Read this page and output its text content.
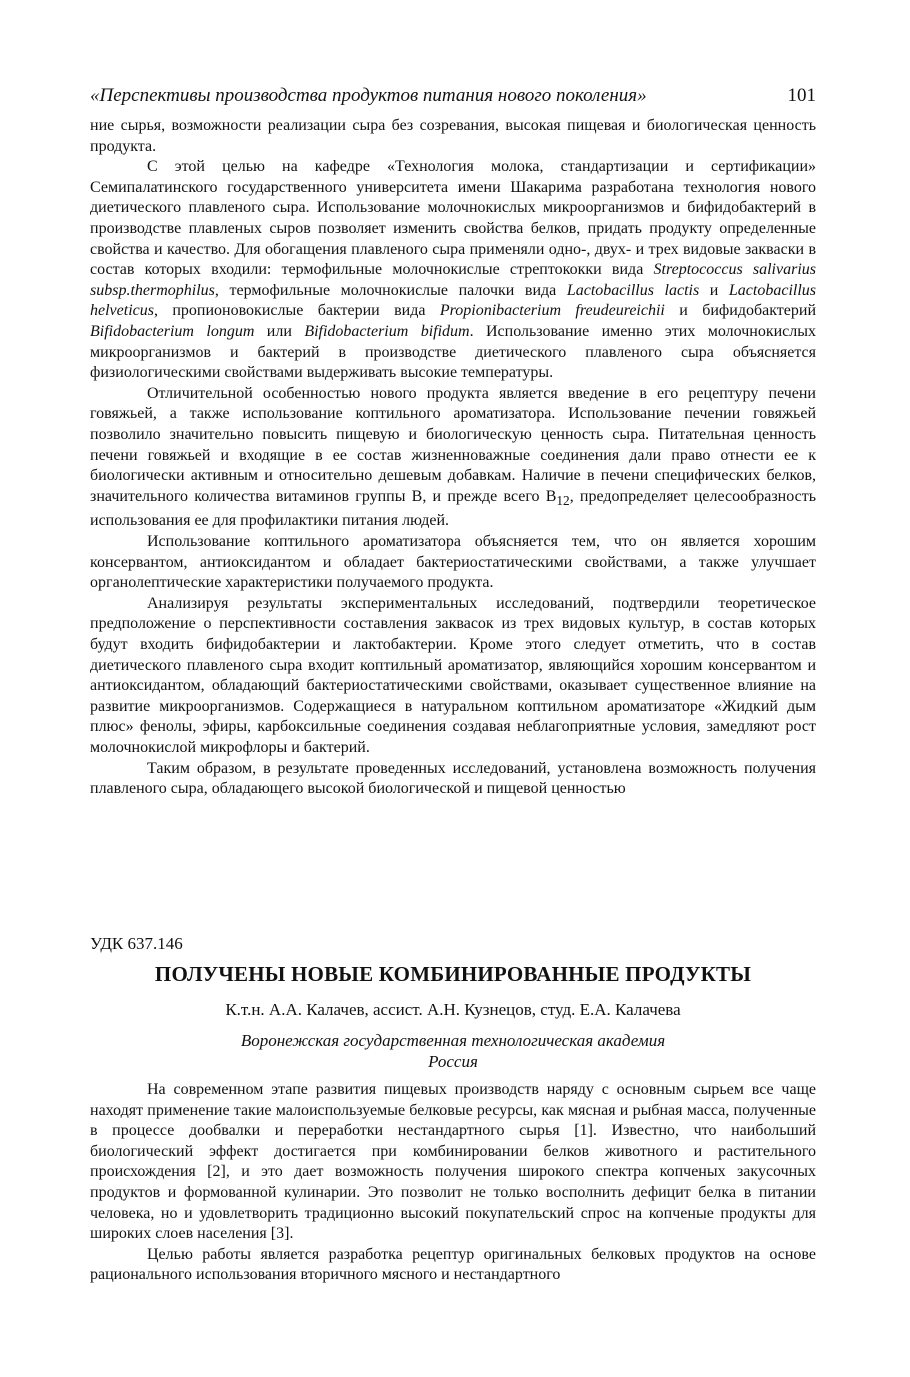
«Перспективы производства продуктов питания нового поколения»	101

ние сырья, возможности реализации сыра без созревания, высокая пищевая и биологическая ценность продукта.

С этой целью на кафедре «Технология молока, стандартизации и сертификации» Семипалатинского государственного университета имени Шакарима разработана технология нового диетического плавленого сыра. Использование молочнокислых микроорганизмов и бифидобактерий в производстве плавленых сыров позволяет изменить свойства белков, придать продукту определенные свойства и качество. Для обогащения плавленого сыра применяли одно-, двух- и трех видовые закваски в состав которых входили: термофильные молочнокислые стрептококки вида Streptococcus salivarius subsp.thermophilus, термофильные молочнокислые палочки вида Lactobacillus lactis и Lactobacillus helveticus, пропионовокислые бактерии вида Propionibacterium freudeureichii и бифидобактерий Bifidobacterium longum или Bifidobacterium bifidum. Использование именно этих молочнокислых микроорганизмов и бактерий в производстве диетического плавленого сыра объясняется физиологическими свойствами выдерживать высокие температуры.

Отличительной особенностью нового продукта является введение в его рецептуру печени говяжьей, а также использование коптильного ароматизатора. Использование печении говяжьей позволило значительно повысить пищевую и биологическую ценность сыра. Питательная ценность печени говяжьей и входящие в ее состав жизненноважные соединения дали право отнести ее к биологически активным и относительно дешевым добавкам. Наличие в печени специфических белков, значительного количества витаминов группы В, и прежде всего $B_{12}$, предопределяет целесообразность использования ее для профилактики питания людей.

Использование коптильного ароматизатора объясняется тем, что он является хорошим консервантом, антиоксидантом и обладает бактериостатическими свойствами, а также улучшает органолептические характеристики получаемого продукта.

Анализируя результаты экспериментальных исследований, подтвердили теоретическое предположение о перспективности составления заквасок из трех видовых культур, в состав которых будут входить бифидобактерии и лактобактерии. Кроме этого следует отметить, что в состав диетического плавленого сыра входит коптильный ароматизатор, являющийся хорошим консервантом и антиоксидантом, обладающий бактериостатическими свойствами, оказывает существенное влияние на развитие микроорганизмов. Содержащиеся в натуральном коптильном ароматизаторе «Жидкий дым плюс» фенолы, эфиры, карбоксильные соединения создавая неблагоприятные условия, замедляют рост молочнокислой микрофлоры и бактерий.

Таким образом, в результате проведенных исследований, установлена возможность получения плавленого сыра, обладающего высокой биологической и пищевой ценностью

УДК 637.146
ПОЛУЧЕНЫ НОВЫЕ КОМБИНИРОВАННЫЕ ПРОДУКТЫ
К.т.н. А.А. Калачев, ассист. А.Н. Кузнецов, студ. Е.А. Калачева
Воронежская государственная технологическая академия
Россия

На современном этапе развития пищевых производств наряду с основным сырьем все чаще находят применение такие малоиспользуемые белковые ресурсы, как мясная и рыбная масса, полученные в процессе дообвалки и переработки нестандартного сырья [1]. Известно, что наибольший биологический эффект достигается при комбинировании белков животного и растительного происхождения [2], и это дает возможность получения широкого спектра копченых закусочных продуктов и формованной кулинарии. Это позволит не только восполнить дефицит белка в питании человека, но и удовлетворить традиционно высокий покупательский спрос на копченые продукты для широких слоев населения [3].

Целью работы является разработка рецептур оригинальных белковых продуктов на основе рационального использования вторичного мясного и нестандартного
